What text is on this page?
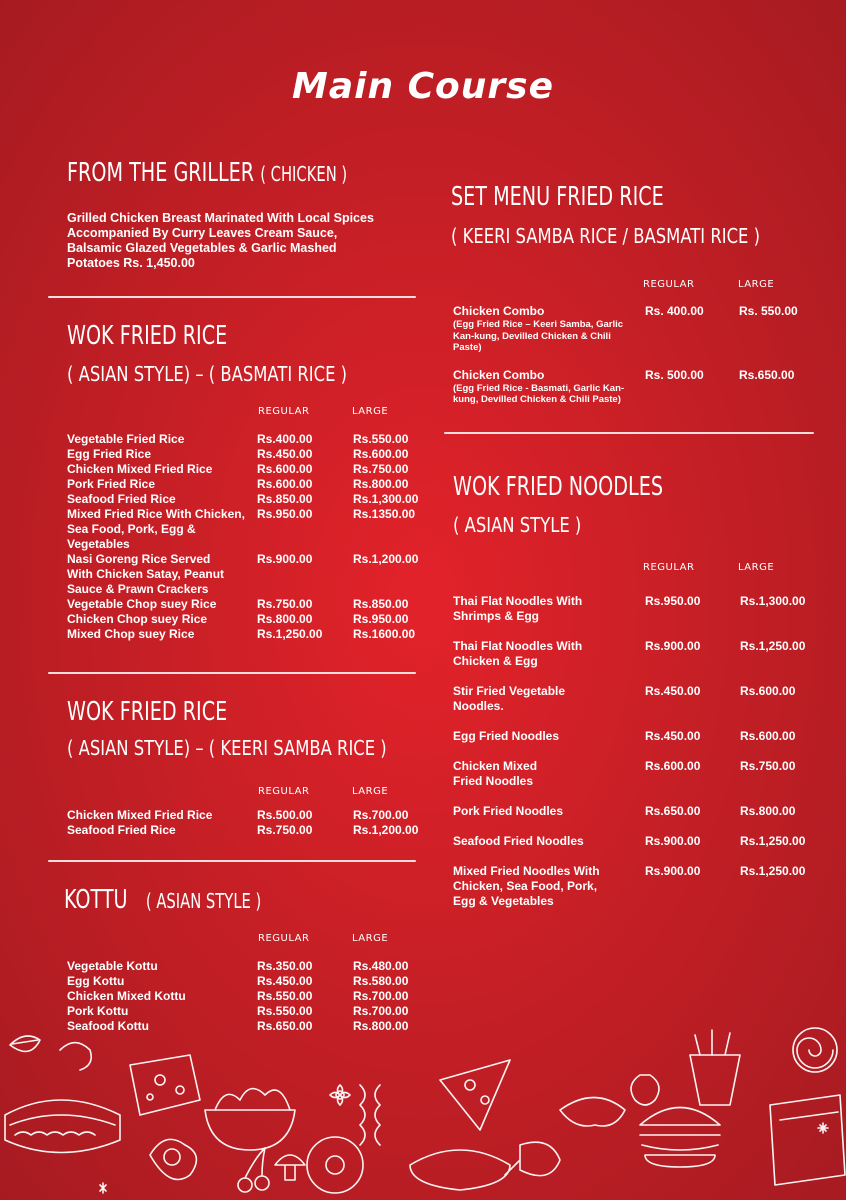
Main Course
FROM THE GRILLER ( CHICKEN )
Grilled Chicken Breast Marinated With Local Spices Accompanied By Curry Leaves Cream Sauce, Balsamic Glazed Vegetables & Garlic Mashed Potatoes Rs. 1,450.00
WOK FRIED RICE
( ASIAN STYLE) – ( BASMATI RICE )
REGULAR	LARGE
Vegetable Fried Rice	Rs.400.00	Rs.550.00
Egg Fried Rice	Rs.450.00	Rs.600.00
Chicken Mixed Fried Rice	Rs.600.00	Rs.750.00
Pork Fried Rice	Rs.600.00	Rs.800.00
Seafood Fried Rice	Rs.850.00	Rs.1,300.00
Mixed Fried Rice With Chicken,
Sea Food, Pork, Egg & Vegetables
Rs.950.00	Rs.1350.00
Nasi Goreng Rice Served
With Chicken Satay, Peanut
Sauce & Prawn Crackers
Rs.900.00	Rs.1,200.00
Vegetable Chop suey Rice	Rs.750.00	Rs.850.00
Chicken Chop suey Rice	Rs.800.00	Rs.950.00
Mixed Chop suey Rice	Rs.1,250.00	Rs.1600.00
WOK FRIED RICE
( ASIAN STYLE) – ( KEERI SAMBA RICE )
REGULAR	LARGE
Chicken Mixed Fried Rice	Rs.500.00	Rs.700.00
Seafood Fried Rice	Rs.750.00	Rs.1,200.00
KOTTU ( ASIAN STYLE )
REGULAR	LARGE
Vegetable Kottu	Rs.350.00	Rs.480.00
Egg Kottu	Rs.450.00	Rs.580.00
Chicken Mixed Kottu	Rs.550.00	Rs.700.00
Pork Kottu	Rs.550.00	Rs.700.00
Seafood Kottu	Rs.650.00	Rs.800.00
SET MENU FRIED RICE
( KEERI SAMBA RICE / BASMATI RICE )
REGULAR	LARGE
Chicken Combo
(Egg Fried Rice – Keeri Samba, Garlic Kan-kung, Devilled Chicken & Chili Paste)
Rs. 400.00	Rs. 550.00
Chicken Combo
(Egg Fried Rice - Basmati, Garlic Kan-kung, Devilled Chicken & Chili Paste)
Rs. 500.00	Rs.650.00
WOK FRIED NOODLES
( ASIAN STYLE )
REGULAR	LARGE
Thai Flat Noodles With
Shrimps & Egg
Rs.950.00	Rs.1,300.00
Thai Flat Noodles With
Chicken & Egg
Rs.900.00	Rs.1,250.00
Stir Fried Vegetable
Noodles.
Rs.450.00	Rs.600.00
Egg Fried Noodles	Rs.450.00	Rs.600.00
Chicken Mixed
Fried Noodles
Rs.600.00	Rs.750.00
Pork Fried Noodles	Rs.650.00	Rs.800.00
Seafood Fried Noodles	Rs.900.00	Rs.1,250.00
Mixed Fried Noodles With
Chicken, Sea Food, Pork,
Egg & Vegetables
Rs.900.00	Rs.1,250.00
